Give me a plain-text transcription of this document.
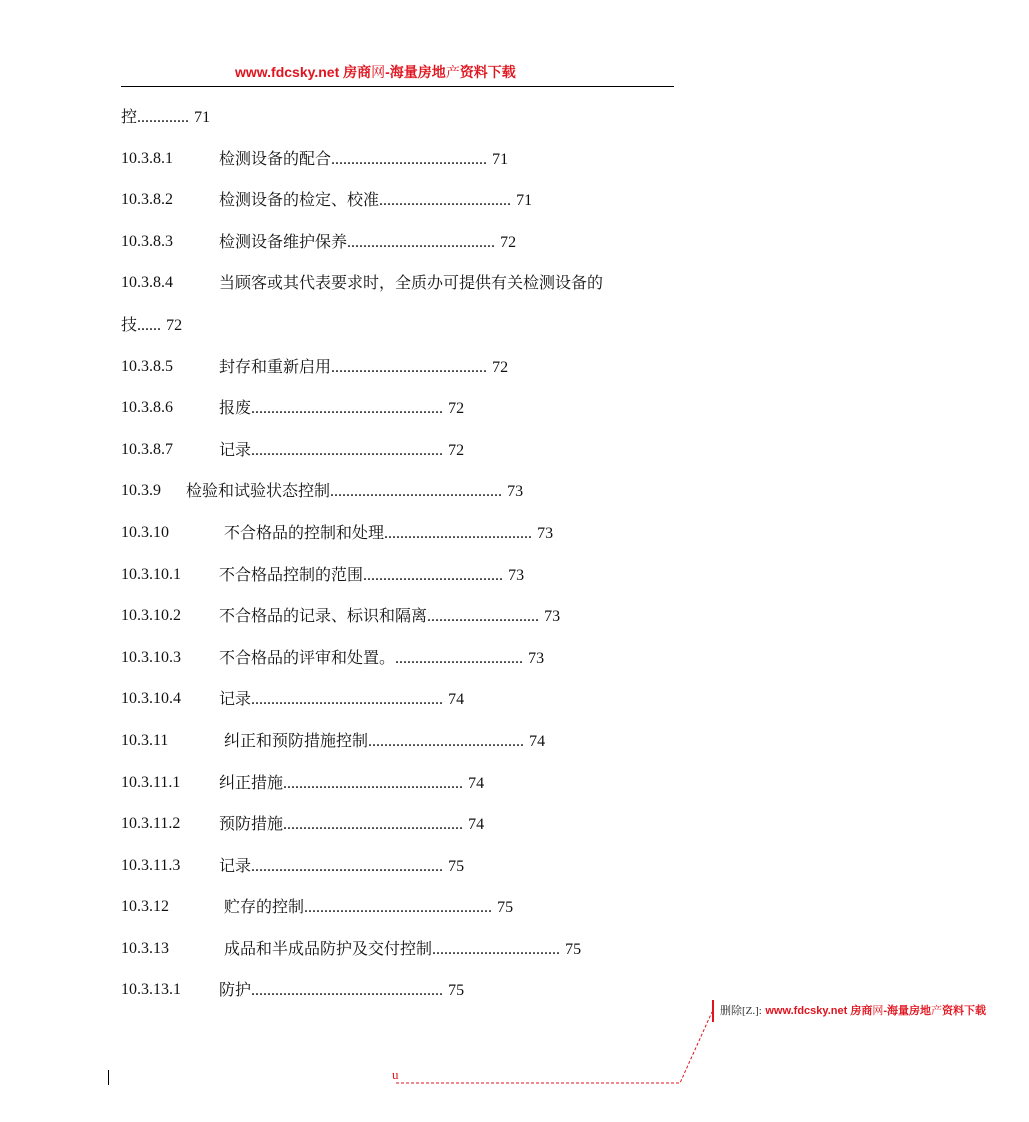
www.fdcsky.net 房商网-海量房地产资料下载
控............. 71
10.3.8.1	检测设备的配合....................................... 71
10.3.8.2	检测设备的检定、校准................................. 71
10.3.8.3	检测设备维护保养..................................... 72
10.3.8.4	当顾客或其代表要求时，全质办可提供有关检测设备的
技...... 72
10.3.8.5	封存和重新启用....................................... 72
10.3.8.6	报废................................................ 72
10.3.8.7	记录................................................ 72
10.3.9 检验和试验状态控制........................................... 73
10.3.10	不合格品的控制和处理..................................... 73
10.3.10.1 不合格品控制的范围................................... 73
10.3.10.2 不合格品的记录、标识和隔离............................ 73
10.3.10.3 不合格品的评审和处置。................................ 73
10.3.10.4 记录................................................ 74
10.3.11	纠正和预防措施控制....................................... 74
10.3.11.1 纠正措施............................................. 74
10.3.11.2 预防措施............................................. 74
10.3.11.3 记录................................................ 75
10.3.12	贮存的控制............................................... 75
10.3.13	成品和半成品防护及交付控制................................ 75
10.3.13.1 防护................................................ 75
删除[Z.]: www.fdcsky.net 房商网-海量房地产资料下载
u
